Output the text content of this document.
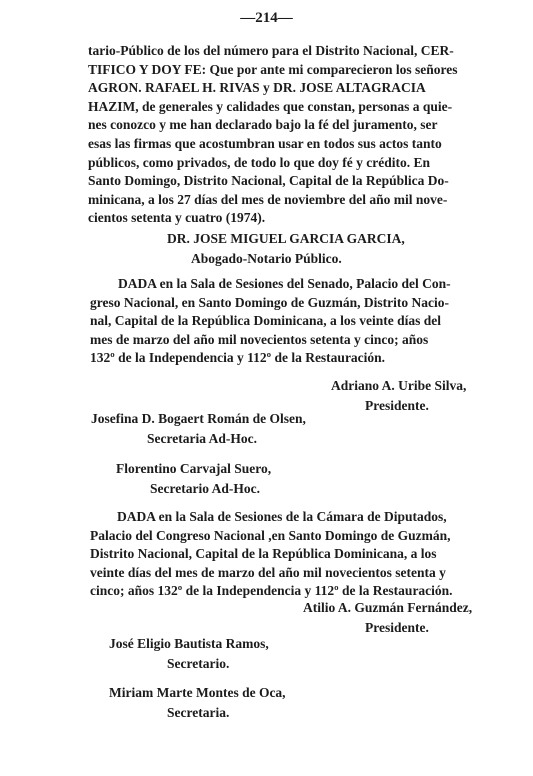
—214—
tario-Público de los del número para el Distrito Nacional, CER-
TIFICO Y DOY FE: Que por ante mi comparecieron los señores
AGRON. RAFAEL H. RIVAS y DR. JOSE ALTAGRACIA
HAZIM, de generales y calidades que constan, personas a quie-
nes conozco y me han declarado bajo la fé del juramento, ser
esas las firmas que acostumbran usar en todos sus actos tanto
públicos, como privados, de todo lo que doy fé y crédito. En
Santo Domingo, Distrito Nacional, Capital de la República Do-
minicana, a los 27 días del mes de noviembre del año mil nove-
cientos setenta y cuatro (1974).
DR. JOSE MIGUEL GARCIA GARCIA,
Abogado-Notario Público.
DADA en la Sala de Sesiones del Senado, Palacio del Con-
greso Nacional, en Santo Domingo de Guzmán, Distrito Nacio-
nal, Capital de la República Dominicana, a los veinte días del
mes de marzo del año mil novecientos setenta y cinco; años
132º de la Independencia y 112º de la Restauración.
Adriano A. Uribe Silva,
Presidente.
Josefina D. Bogaert Román de Olsen,
Secretaria Ad-Hoc.
Florentino Carvajal Suero,
Secretario Ad-Hoc.
DADA en la Sala de Sesiones de la Cámara de Diputados,
Palacio del Congreso Nacional ,en Santo Domingo de Guzmán,
Distrito Nacional, Capital de la República Dominicana, a los
veinte días del mes de marzo del año mil novecientos setenta y
cinco; años 132º de la Independencia y 112º de la Restauración.
Atilio A. Guzmán Fernández,
Presidente.
José Eligio Bautista Ramos,
Secretario.
Miriam Marte Montes de Oca,
Secretaria.
